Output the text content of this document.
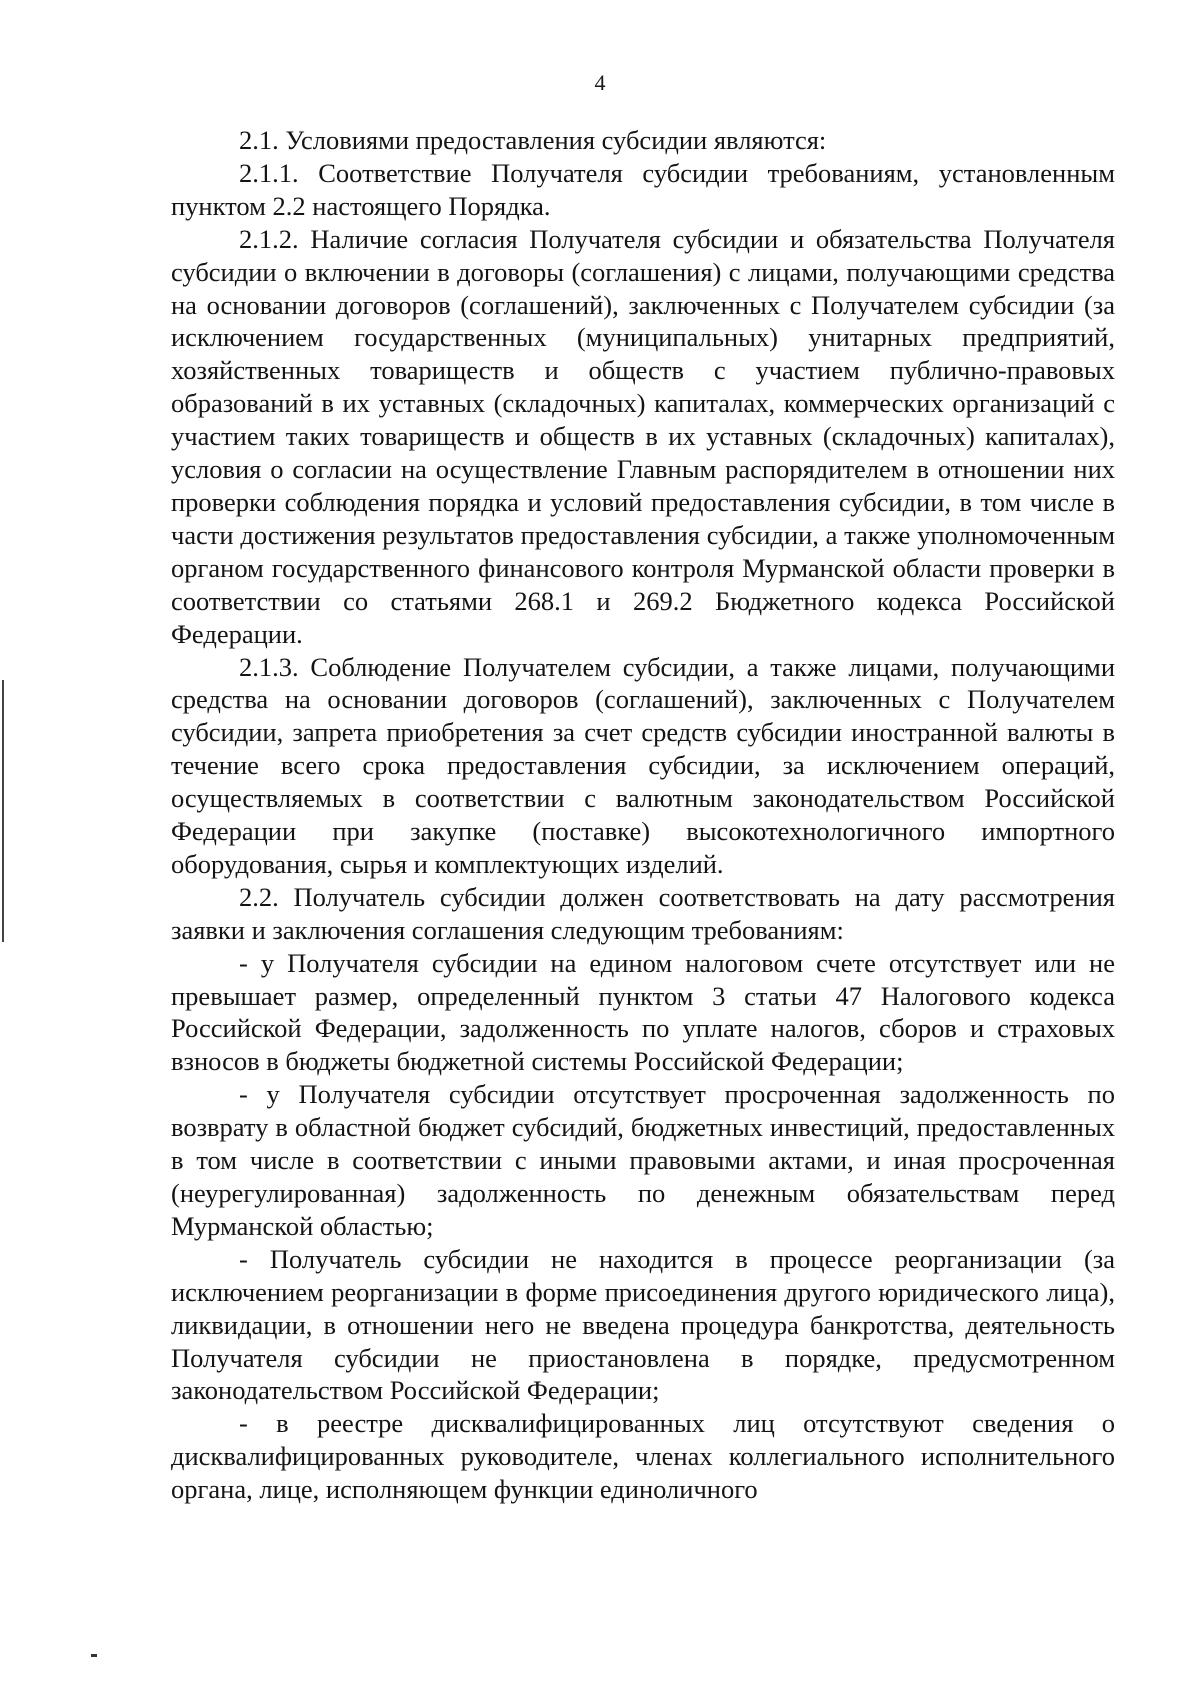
4

2.1. Условиями предоставления субсидии являются:

2.1.1. Соответствие Получателя субсидии требованиям, установленным пунктом 2.2 настоящего Порядка.

2.1.2. Наличие согласия Получателя субсидии и обязательства Получателя субсидии о включении в договоры (соглашения) с лицами, получающими средства на основании договоров (соглашений), заключенных с Получателем субсидии (за исключением государственных (муниципальных) унитарных предприятий, хозяйственных товариществ и обществ с участием публично-правовых образований в их уставных (складочных) капиталах, коммерческих организаций с участием таких товариществ и обществ в их уставных (складочных) капиталах), условия о согласии на осуществление Главным распорядителем в отношении них проверки соблюдения порядка и условий предоставления субсидии, в том числе в части достижения результатов предоставления субсидии, а также уполномоченным органом государственного финансового контроля Мурманской области проверки в соответствии со статьями 268.1 и 269.2 Бюджетного кодекса Российской Федерации.

2.1.3. Соблюдение Получателем субсидии, а также лицами, получающими средства на основании договоров (соглашений), заключенных с Получателем субсидии, запрета приобретения за счет средств субсидии иностранной валюты в течение всего срока предоставления субсидии, за исключением операций, осуществляемых в соответствии с валютным законодательством Российской Федерации при закупке (поставке) высокотехнологичного импортного оборудования, сырья и комплектующих изделий.

2.2. Получатель субсидии должен соответствовать на дату рассмотрения заявки и заключения соглашения следующим требованиям:

- у Получателя субсидии на едином налоговом счете отсутствует или не превышает размер, определенный пунктом 3 статьи 47 Налогового кодекса Российской Федерации, задолженность по уплате налогов, сборов и страховых взносов в бюджеты бюджетной системы Российской Федерации;

- у Получателя субсидии отсутствует просроченная задолженность по возврату в областной бюджет субсидий, бюджетных инвестиций, предоставленных в том числе в соответствии с иными правовыми актами, и иная просроченная (неурегулированная) задолженность по денежным обязательствам перед Мурманской областью;

- Получатель субсидии не находится в процессе реорганизации (за исключением реорганизации в форме присоединения другого юридического лица), ликвидации, в отношении него не введена процедура банкротства, деятельность Получателя субсидии не приостановлена в порядке, предусмотренном законодательством Российской Федерации;

- в реестре дисквалифицированных лиц отсутствуют сведения о дисквалифицированных руководителе, членах коллегиального исполнительного органа, лице, исполняющем функции единоличного
